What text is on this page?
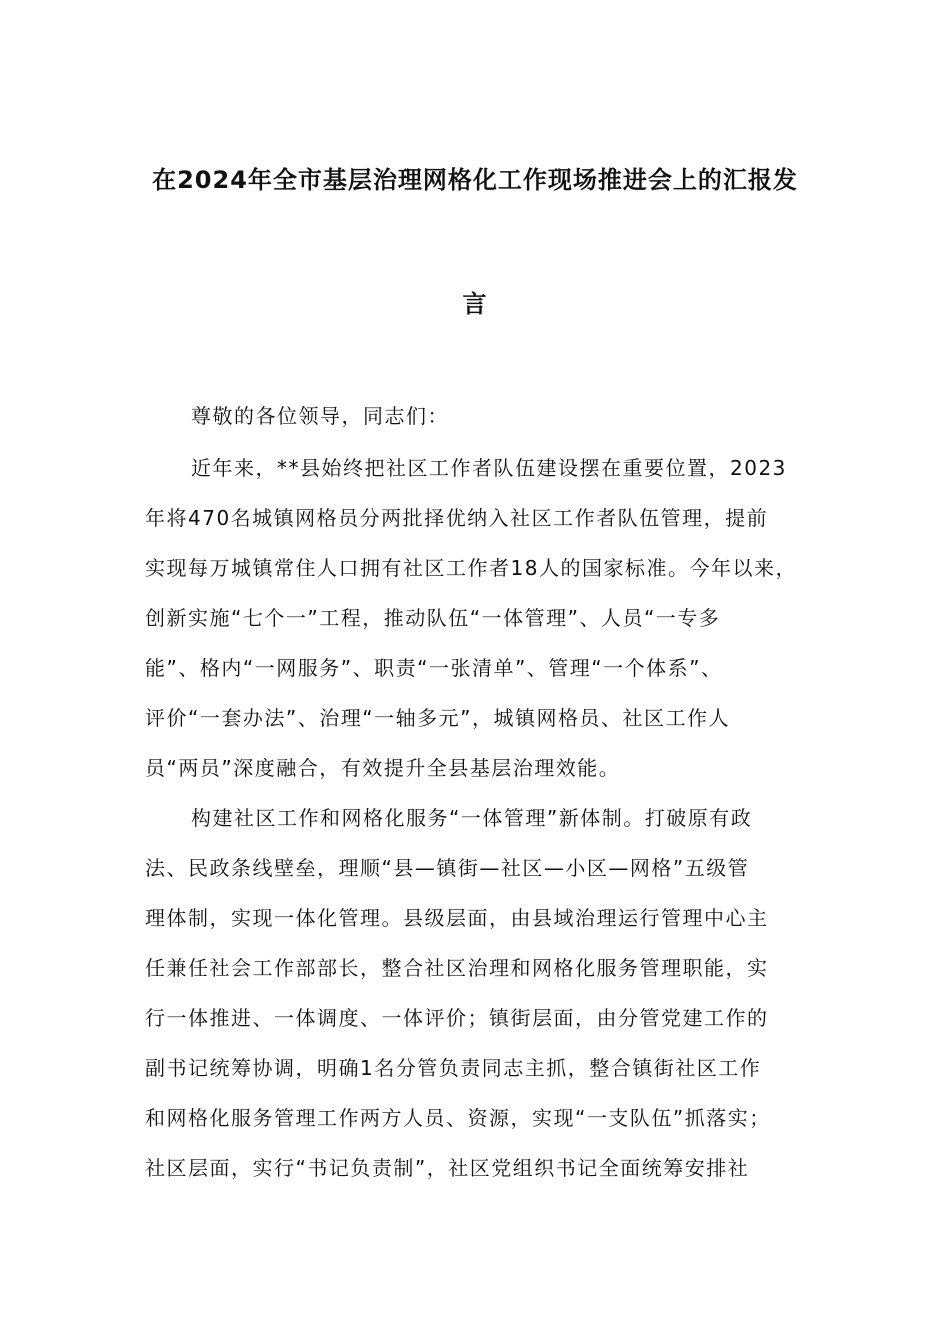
在2024年全市基层治理网格化工作现场推进会上的汇报发
言
尊敬的各位领导，同志们：
近年来，**县始终把社区工作者队伍建设摆在重要位置，2023
年将470名城镇网格员分两批择优纳入社区工作者队伍管理，提前
实现每万城镇常住人口拥有社区工作者18人的国家标准。今年以来，
创新实施“七个一”工程，推动队伍“一体管理”、人员“一专多
能”、格内“一网服务”、职责“一张清单”、管理“一个体系”、
评价“一套办法”、治理“一轴多元”，城镇网格员、社区工作人
员“两员”深度融合，有效提升全县基层治理效能。
构建社区工作和网格化服务“一体管理”新体制。打破原有政
法、民政条线壁垒，理顺“县—镇街—社区—小区—网格”五级管
理体制，实现一体化管理。县级层面，由县域治理运行管理中心主
任兼任社会工作部部长，整合社区治理和网格化服务管理职能，实
行一体推进、一体调度、一体评价；镇街层面，由分管党建工作的
副书记统筹协调，明确1名分管负责同志主抓，整合镇街社区工作
和网格化服务管理工作两方人员、资源，实现“一支队伍”抓落实；
社区层面，实行“书记负责制”，社区党组织书记全面统筹安排社
